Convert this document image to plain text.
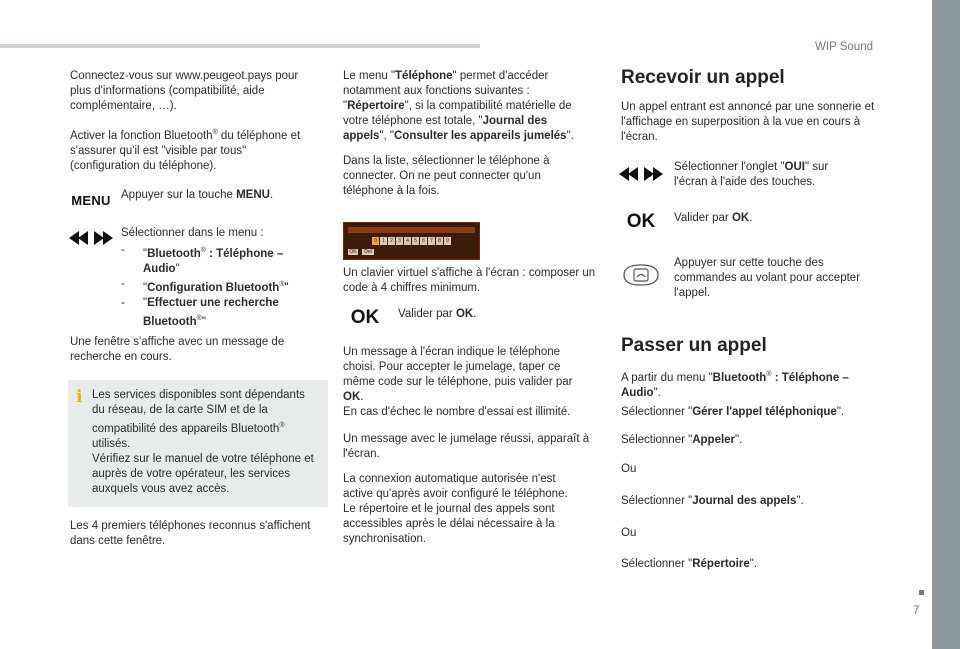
WIP Sound
7

Connectez-vous sur www.peugeot.pays pour plus d'informations (compatibilité, aide complémentaire, …).

Activer la fonction Bluetooth® du téléphone et s'assurer qu'il est "visible par tous" (configuration du téléphone).

MENU Appuyer sur la touche MENU.

Sélectionner dans le menu :

- "Bluetooth® : Téléphone – Audio"
- "Configuration Bluetooth®"
- "Effectuer une recherche Bluetooth®"

Une fenêtre s'affiche avec un message de recherche en cours.

i Les services disponibles sont dépendants du réseau, de la carte SIM et de la compatibilité des appareils Bluetooth® utilisés.
Vérifiez sur le manuel de votre téléphone et auprès de votre opérateur, les services auxquels vous avez accès.

Les 4 premiers téléphones reconnus s'affichent dans cette fenêtre.

Le menu "Téléphone" permet d'accéder notamment aux fonctions suivantes : "Répertoire", si la compatibilité matérielle de votre téléphone est totale, "Journal des appels", "Consulter les appareils jumelés".

Dans la liste, sélectionner le téléphone à connecter. On ne peut connecter qu'un téléphone à la fois.

0	1	2	3	4	5	6	7	8	9
OK	Del

Un clavier virtuel s'affiche à l'écran : composer un code à 4 chiffres minimum.

OK	Valider par OK.

Un message à l'écran indique le téléphone choisi. Pour accepter le jumelage, taper ce même code sur le téléphone, puis valider par OK.
En cas d'échec le nombre d'essai est illimité.

Un message avec le jumelage réussi, apparaît à l'écran.

La connexion automatique autorisée n'est active qu'après avoir configuré le téléphone. Le répertoire et le journal des appels sont accessibles après le délai nécessaire à la synchronisation.

Recevoir un appel

Un appel entrant est annoncé par une sonnerie et l'affichage en superposition à la vue en cours à l'écran.

Sélectionner l'onglet "OUI" sur l'écran à l'aide des touches.

OK	Valider par OK.

Appuyer sur cette touche des commandes au volant pour accepter l'appel.

Passer un appel

A partir du menu "Bluetooth® : Téléphone – Audio".

Sélectionner "Gérer l'appel téléphonique".

Sélectionner "Appeler".

Ou

Sélectionner "Journal des appels".

Ou

Sélectionner "Répertoire".
